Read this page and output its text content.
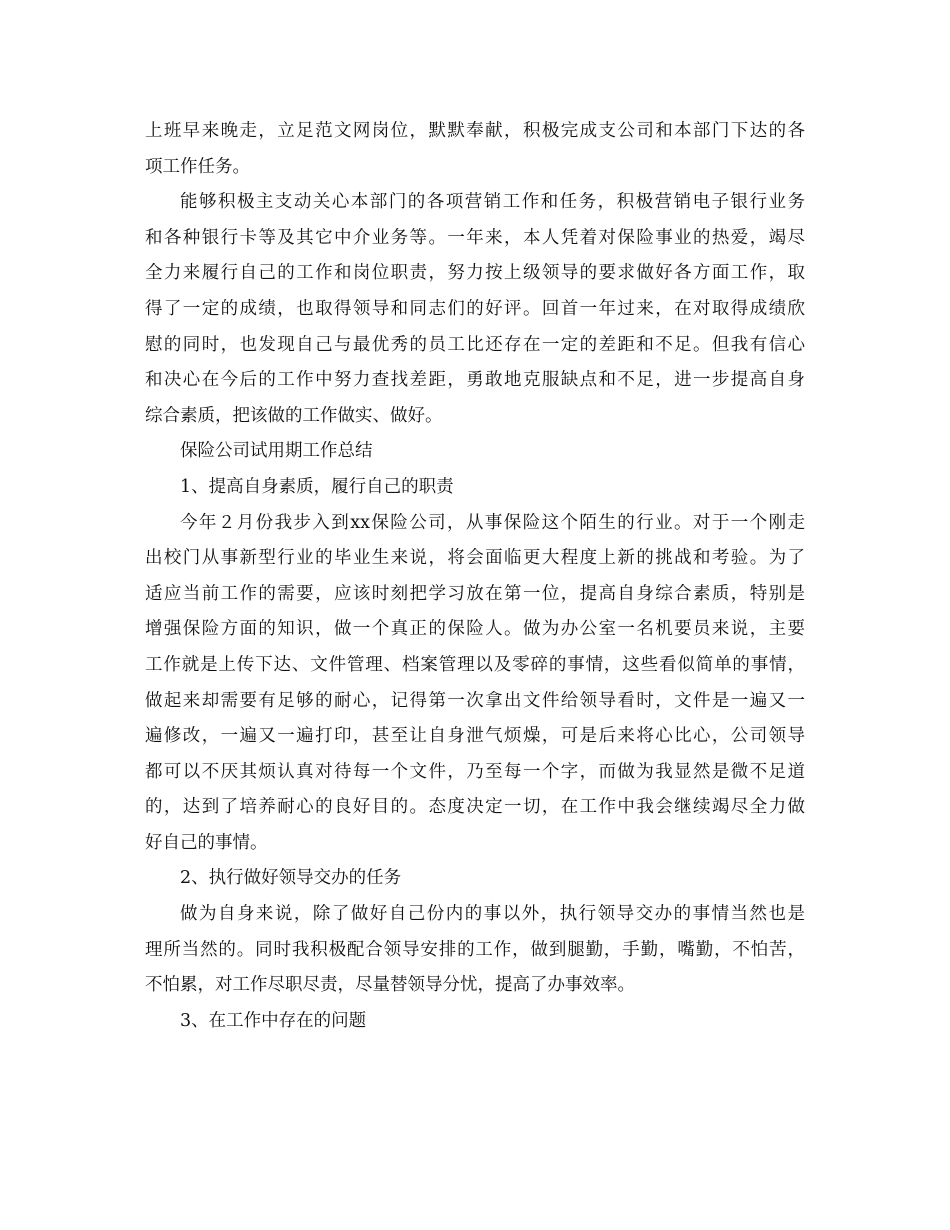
上班早来晚走，立足范文网岗位，默默奉献，积极完成支公司和本部门下达的各
项工作任务。
能够积极主支动关心本部门的各项营销工作和任务，积极营销电子银行业务
和各种银行卡等及其它中介业务等。一年来，本人凭着对保险事业的热爱，竭尽
全力来履行自己的工作和岗位职责，努力按上级领导的要求做好各方面工作，取
得了一定的成绩，也取得领导和同志们的好评。回首一年过来，在对取得成绩欣
慰的同时，也发现自己与最优秀的员工比还存在一定的差距和不足。但我有信心
和决心在今后的工作中努力查找差距，勇敢地克服缺点和不足，进一步提高自身
综合素质，把该做的工作做实、做好。
保险公司试用期工作总结
1、提高自身素质，履行自己的职责
今年２月份我步入到xx保险公司，从事保险这个陌生的行业。对于一个刚走
出校门从事新型行业的毕业生来说，将会面临更大程度上新的挑战和考验。为了
适应当前工作的需要，应该时刻把学习放在第一位，提高自身综合素质，特别是
增强保险方面的知识，做一个真正的保险人。做为办公室一名机要员来说，主要
工作就是上传下达、文件管理、档案管理以及零碎的事情，这些看似简单的事情，
做起来却需要有足够的耐心，记得第一次拿出文件给领导看时，文件是一遍又一
遍修改，一遍又一遍打印，甚至让自身泄气烦燥，可是后来将心比心，公司领导
都可以不厌其烦认真对待每一个文件，乃至每一个字，而做为我显然是微不足道
的，达到了培养耐心的良好目的。态度决定一切，在工作中我会继续竭尽全力做
好自己的事情。
2、执行做好领导交办的任务
做为自身来说，除了做好自己份内的事以外，执行领导交办的事情当然也是
理所当然的。同时我积极配合领导安排的工作，做到腿勤，手勤，嘴勤，不怕苦，
不怕累，对工作尽职尽责，尽量替领导分忧，提高了办事效率。
3、在工作中存在的问题
